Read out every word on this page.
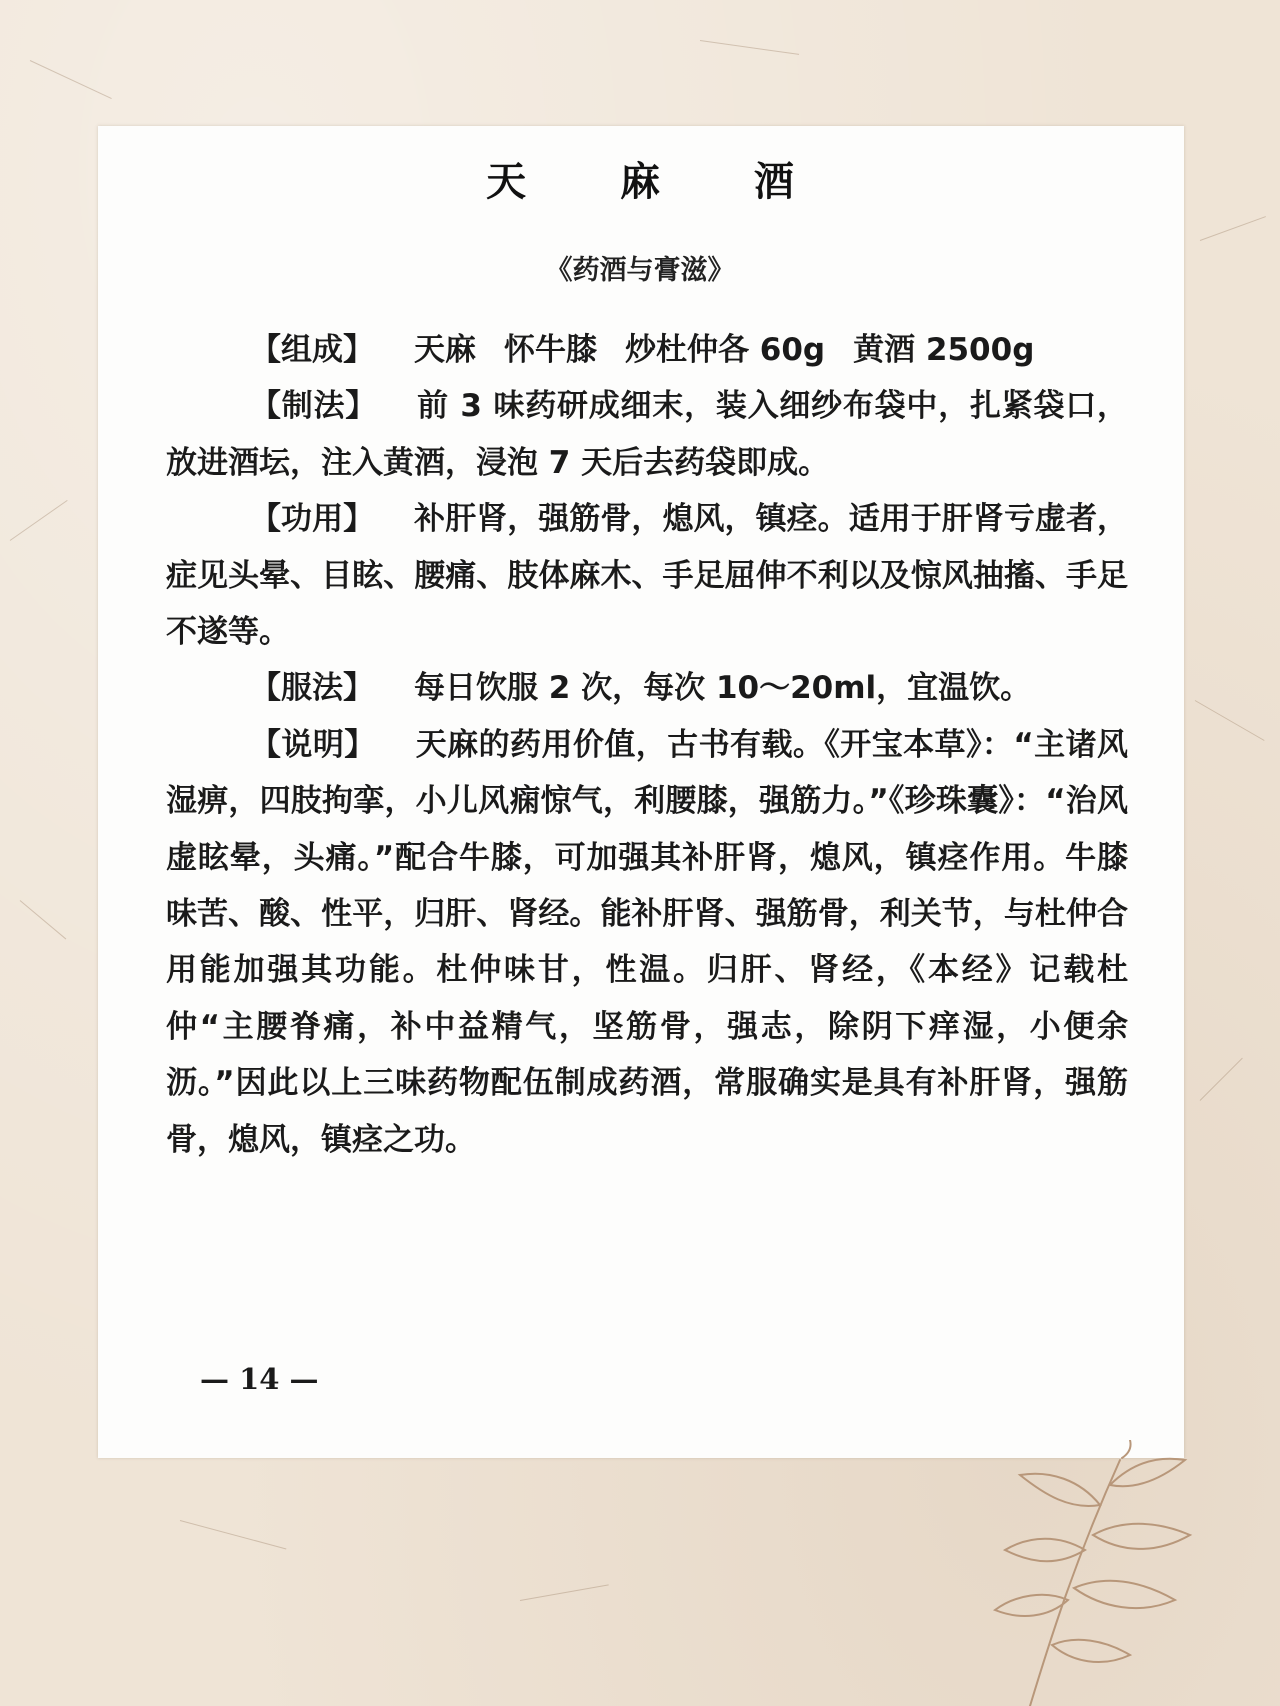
天 麻 酒

《药酒与膏滋》

【组成】 天麻 怀牛膝 炒杜仲各 60g 黄酒 2500g

【制法】 前 3 味药研成细末，装入细纱布袋中，扎紧袋口，放进酒坛，注入黄酒，浸泡 7 天后去药袋即成。

【功用】 补肝肾，强筋骨，熄风，镇痉。适用于肝肾亏虚者，症见头晕、目眩、腰痛、肢体麻木、手足屈伸不利以及惊风抽搐、手足不遂等。

【服法】 每日饮服 2 次，每次 10～20ml，宜温饮。

【说明】 天麻的药用价值，古书有载。《开宝本草》：“主诸风湿痹，四肢拘挛，小儿风痫惊气，利腰膝，强筋力。”《珍珠囊》：“治风虚眩晕，头痛。”配合牛膝，可加强其补肝肾，熄风，镇痉作用。牛膝味苦、酸、性平，归肝、肾经。能补肝肾、强筋骨，利关节，与杜仲合用能加强其功能。杜仲味甘，性温。归肝、肾经，《本经》记载杜仲“主腰脊痛，补中益精气，坚筋骨，强志，除阴下痒湿，小便余沥。”因此以上三味药物配伍制成药酒，常服确实是具有补肝肾，强筋骨，熄风，镇痉之功。

— 14 —
